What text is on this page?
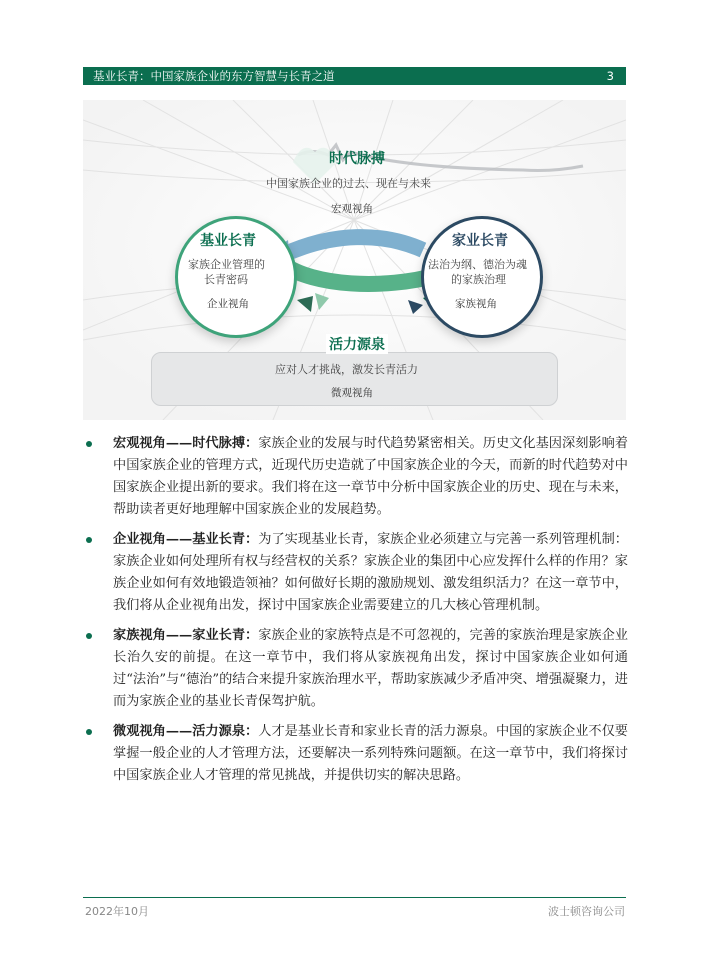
基业长青：中国家族企业的东方智慧与长青之道	3
时代脉搏
中国家族企业的过去、现在与未来
宏观视角
基业长青
家族企业管理的
长青密码
企业视角
家业长青
法治为纲、德治为魂
的家族治理
家族视角
活力源泉
应对人才挑战，激发长青活力
微观视角
宏观视角——时代脉搏：家族企业的发展与时代趋势紧密相关。历史文化基因深刻影响着中国家族企业的管理方式，近现代历史造就了中国家族企业的今天，而新的时代趋势对中国家族企业提出新的要求。我们将在这一章节中分析中国家族企业的历史、现在与未来，帮助读者更好地理解中国家族企业的发展趋势。
企业视角——基业长青：为了实现基业长青，家族企业必须建立与完善一系列管理机制：家族企业如何处理所有权与经营权的关系？家族企业的集团中心应发挥什么样的作用？家族企业如何有效地锻造领袖？如何做好长期的激励规划、激发组织活力？在这一章节中，我们将从企业视角出发，探讨中国家族企业需要建立的几大核心管理机制。
家族视角——家业长青：家族企业的家族特点是不可忽视的，完善的家族治理是家族企业长治久安的前提。在这一章节中，我们将从家族视角出发，探讨中国家族企业如何通过“法治”与“德治”的结合来提升家族治理水平，帮助家族减少矛盾冲突、增强凝聚力，进而为家族企业的基业长青保驾护航。
微观视角——活力源泉：人才是基业长青和家业长青的活力源泉。中国的家族企业不仅要掌握一般企业的人才管理方法，还要解决一系列特殊问题额。在这一章节中，我们将探讨中国家族企业人才管理的常见挑战，并提供切实的解决思路。
2022年10月	波士顿咨询公司
